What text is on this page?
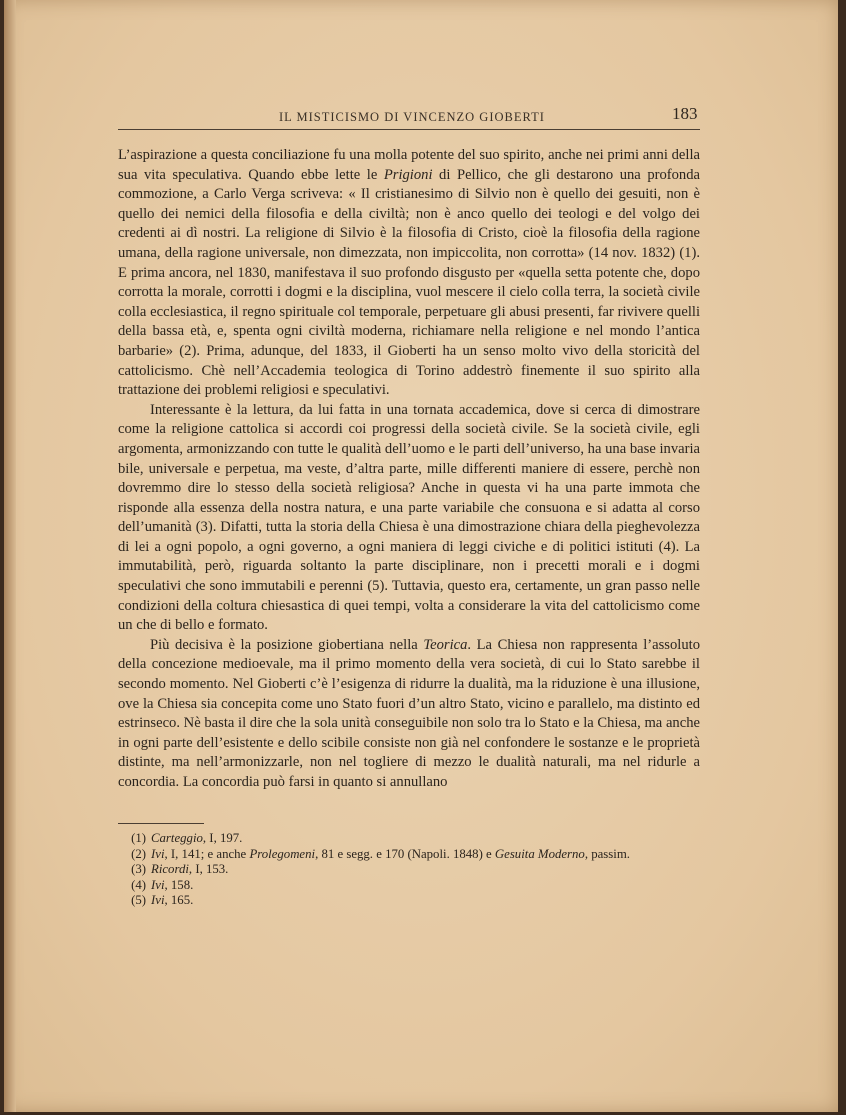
IL MISTICISMO DI VINCENZO GIOBERTI	183

L’aspirazione a questa conciliazione fu una molla potente del suo spirito, anche nei primi anni della sua vita speculativa. Quando ebbe lette le Prigioni di Pellico, che gli destarono una profonda commozione, a Carlo Verga scriveva: « Il cristianesimo di Silvio non è quello dei gesuiti, non è quello dei nemici della filosofia e della civiltà; non è anco quello dei teologi e del volgo dei credenti ai dì nostri. La religione di Silvio è la filosofia di Cristo, cioè la filosofia della ragione umana, della ragione universale, non dimezzata, non impiccolita, non corrotta» (14 nov. 1832) (1). E prima ancora, nel 1830, manifestava il suo profondo disgusto per «quella setta potente che, dopo corrotta la morale, corrotti i dogmi e la disciplina, vuol mescere il cielo colla terra, la società civile colla ecclesiastica, il regno spirituale col temporale, perpetuare gli abusi presenti, far rivivere quelli della bassa età, e, spenta ogni civiltà moderna, richiamare nella religione e nel mondo l’antica barbarie» (2). Prima, adunque, del 1833, il Gioberti ha un senso molto vivo della storicità del cattolicismo. Chè nell’Accademia teologica di Torino addestrò finemente il suo spirito alla trattazione dei problemi religiosi e speculativi.

Interessante è la lettura, da lui fatta in una tornata accademica, dove si cerca di dimostrare come la religione cattolica si accordi coi progressi della società civile. Se la società civile, egli argomenta, armonizzando con tutte le qualità dell’uomo e le parti dell’universo, ha una base invaria bile, universale e perpetua, ma veste, d’altra parte, mille differenti maniere di essere, perchè non dovremmo dire lo stesso della società religiosa? Anche in questa vi ha una parte immota che risponde alla essenza della nostra natura, e una parte variabile che consuona e si adatta al corso dell’umanità (3). Difatti, tutta la storia della Chiesa è una dimostrazione chiara della pieghevolezza di lei a ogni popolo, a ogni governo, a ogni maniera di leggi civiche e di politici istituti (4). La immutabilità, però, riguarda soltanto la parte disciplinare, non i precetti morali e i dogmi speculativi che sono immutabili e perenni (5). Tuttavia, questo era, certamente, un gran passo nelle condizioni della coltura chiesastica di quei tempi, volta a considerare la vita del cattolicismo come un che di bello e formato.

Più decisiva è la posizione giobertiana nella Teorica. La Chiesa non rappresenta l’assoluto della concezione medioevale, ma il primo momento della vera società, di cui lo Stato sarebbe il secondo momento. Nel Gioberti c’è l’esigenza di ridurre la dualità, ma la riduzione è una illusione, ove la Chiesa sia concepita come uno Stato fuori d’un altro Stato, vicino e parallelo, ma distinto ed estrinseco. Nè basta il dire che la sola unità conseguibile non solo tra lo Stato e la Chiesa, ma anche in ogni parte dell’esistente e dello scibile consiste non già nel confondere le sostanze e le proprietà distinte, ma nell’armonizzarle, non nel togliere di mezzo le dualità naturali, ma nel ridurle a concordia. La concordia può farsi in quanto si annullano

(1) Carteggio, I, 197.
(2) Ivi, I, 141; e anche Prolegomeni, 81 e segg. e 170 (Napoli. 1848) e Gesuita Moderno, passim.
(3) Ricordi, I, 153.
(4) Ivi, 158.
(5) Ivi, 165.
